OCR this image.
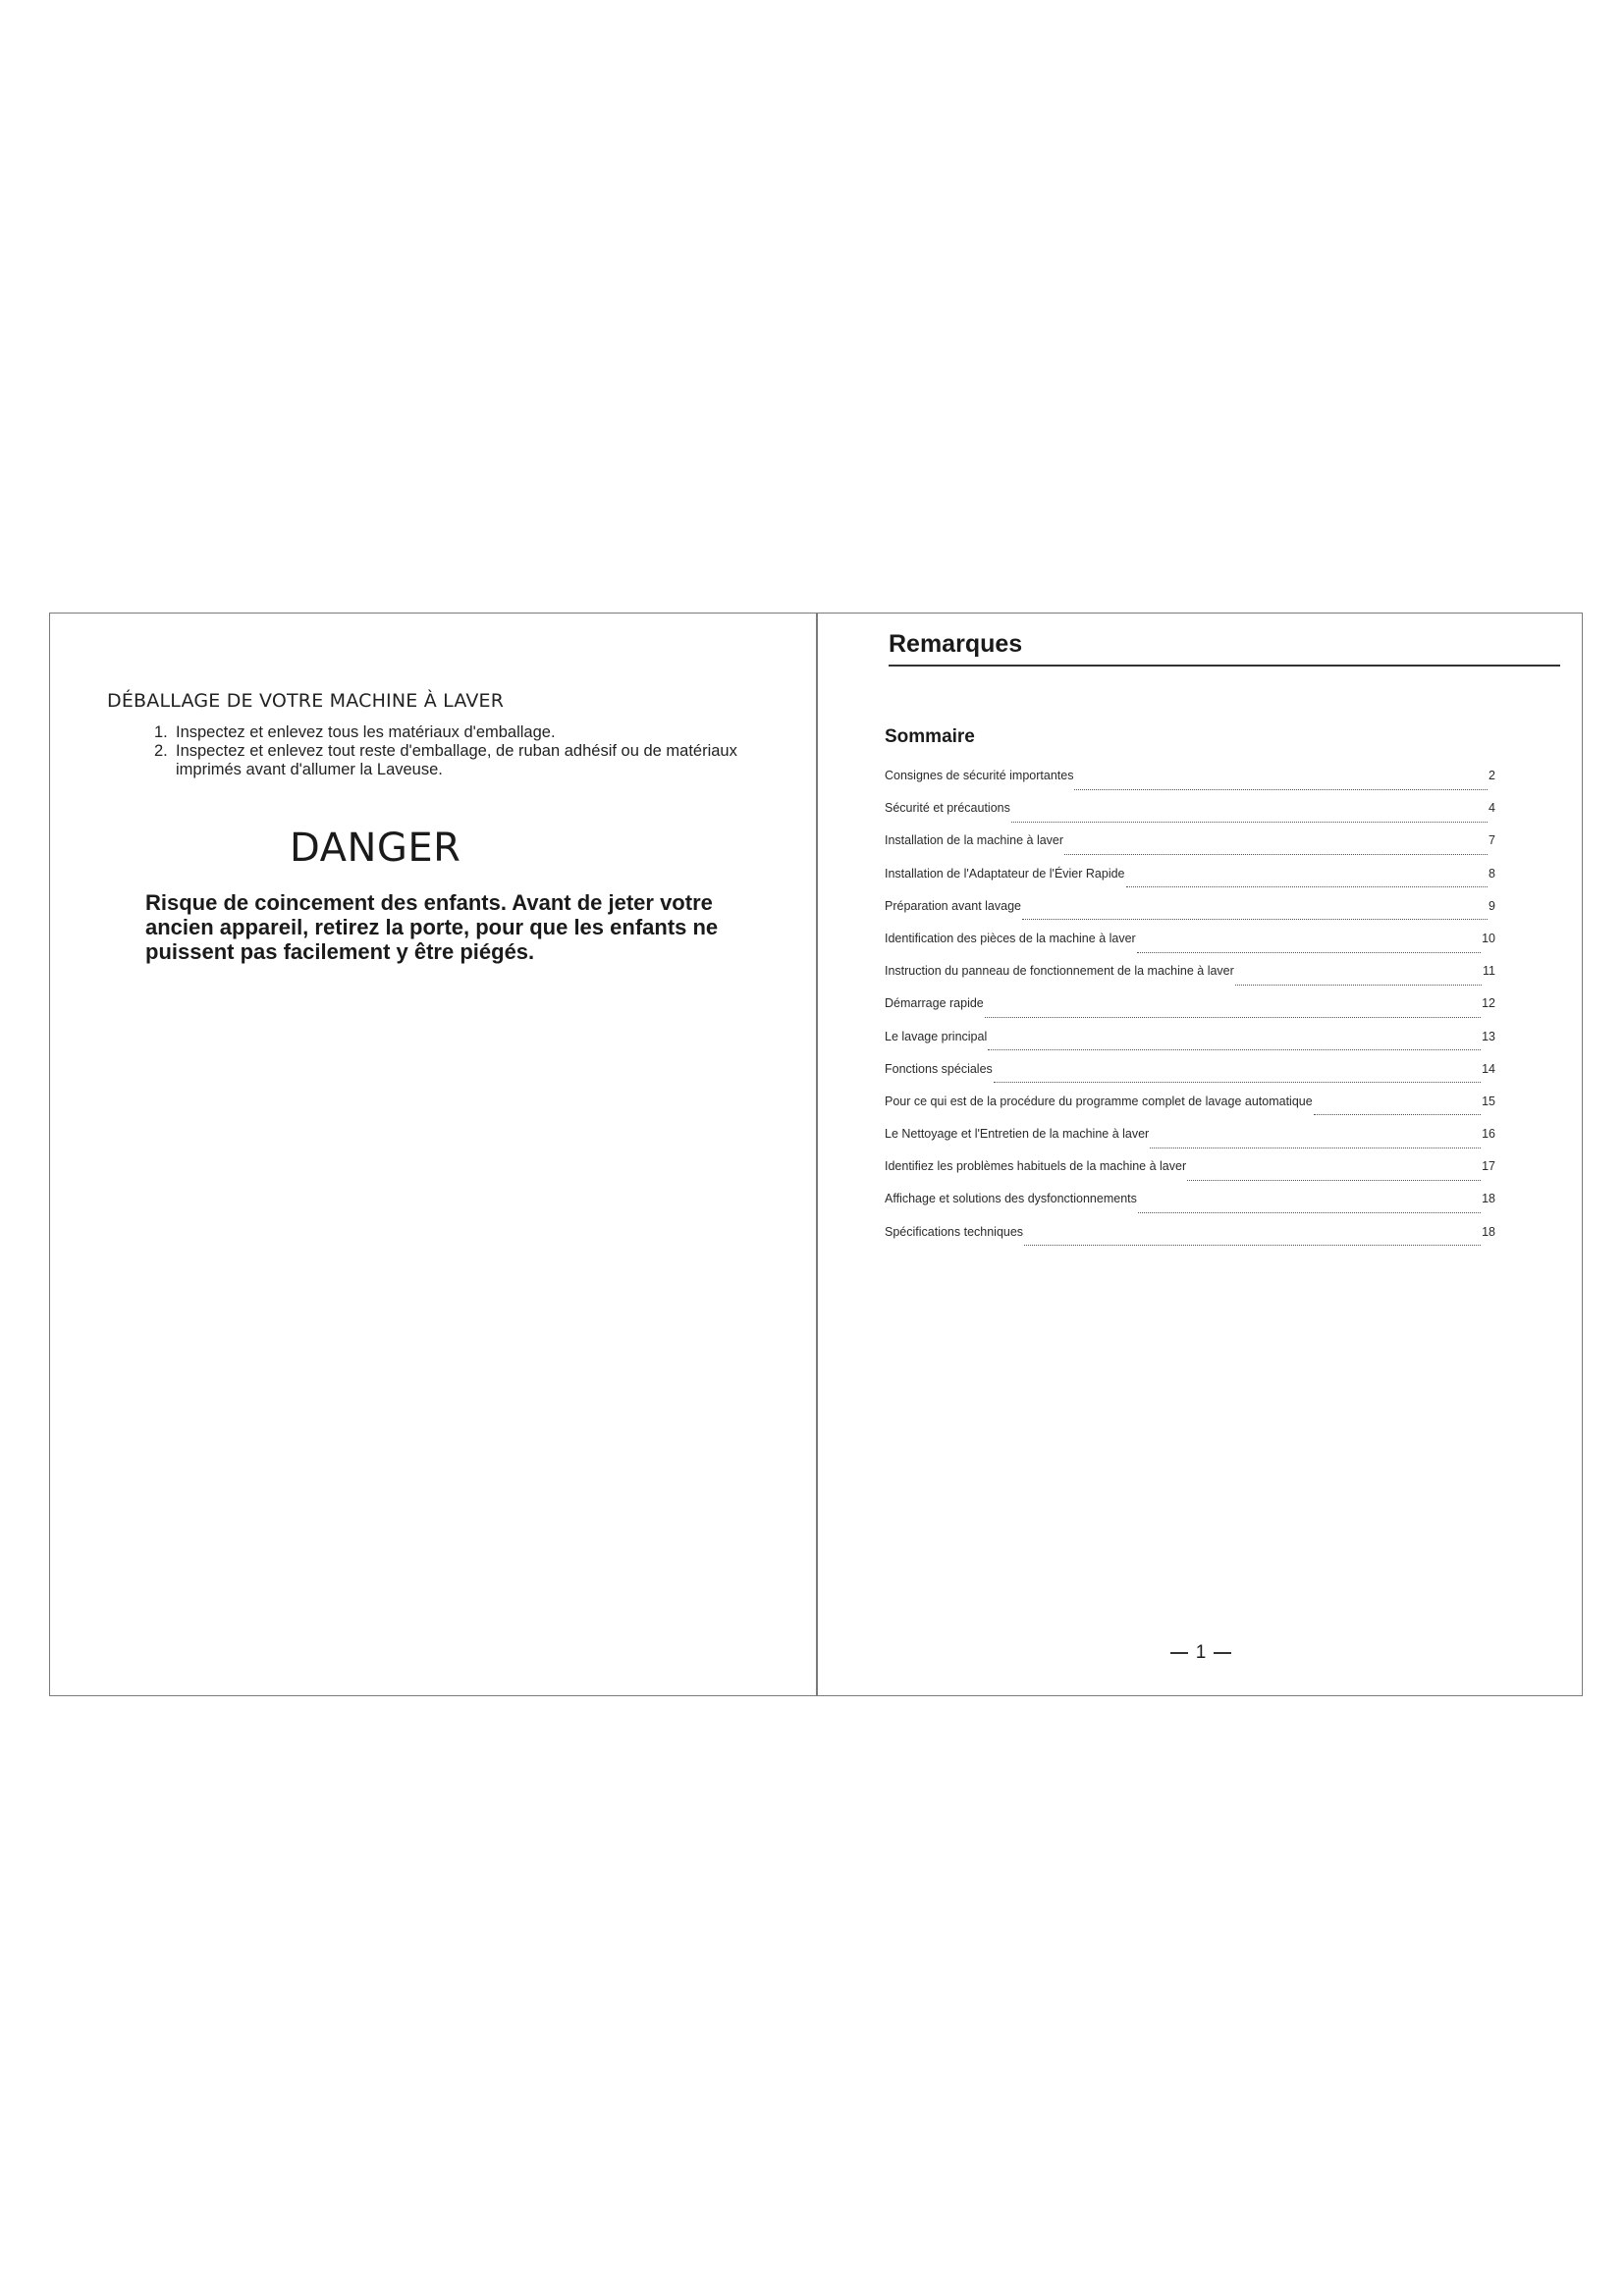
DÉBALLAGE DE VOTRE MACHINE À LAVER
1. Inspectez et enlevez tous les matériaux d'emballage.
2. Inspectez et enlevez tout reste d'emballage, de ruban adhésif ou de matériaux imprimés avant d'allumer la Laveuse.
DANGER

Risque de coincement des enfants. Avant de jeter votre ancien appareil, retirez la porte, pour que les enfants ne puissent pas facilement y être piégés.

Remarques
Sommaire
Consignes de sécurité importantes	2
Sécurité et précautions	4
Installation de la machine à laver	7
Installation de l'Adaptateur de l'Évier Rapide	8
Préparation avant lavage	9
Identification des pièces de la machine à laver	10
Instruction du panneau de fonctionnement de la machine à laver	11
Démarrage rapide	12
Le lavage principal	13
Fonctions spéciales	14
Pour ce qui est de la procédure du programme complet de lavage automatique	15
Le Nettoyage et l'Entretien de la machine à laver	16
Identifiez les problèmes habituels de la machine à laver	17
Affichage et solutions des dysfonctionnements	18
Spécifications techniques	18
1
